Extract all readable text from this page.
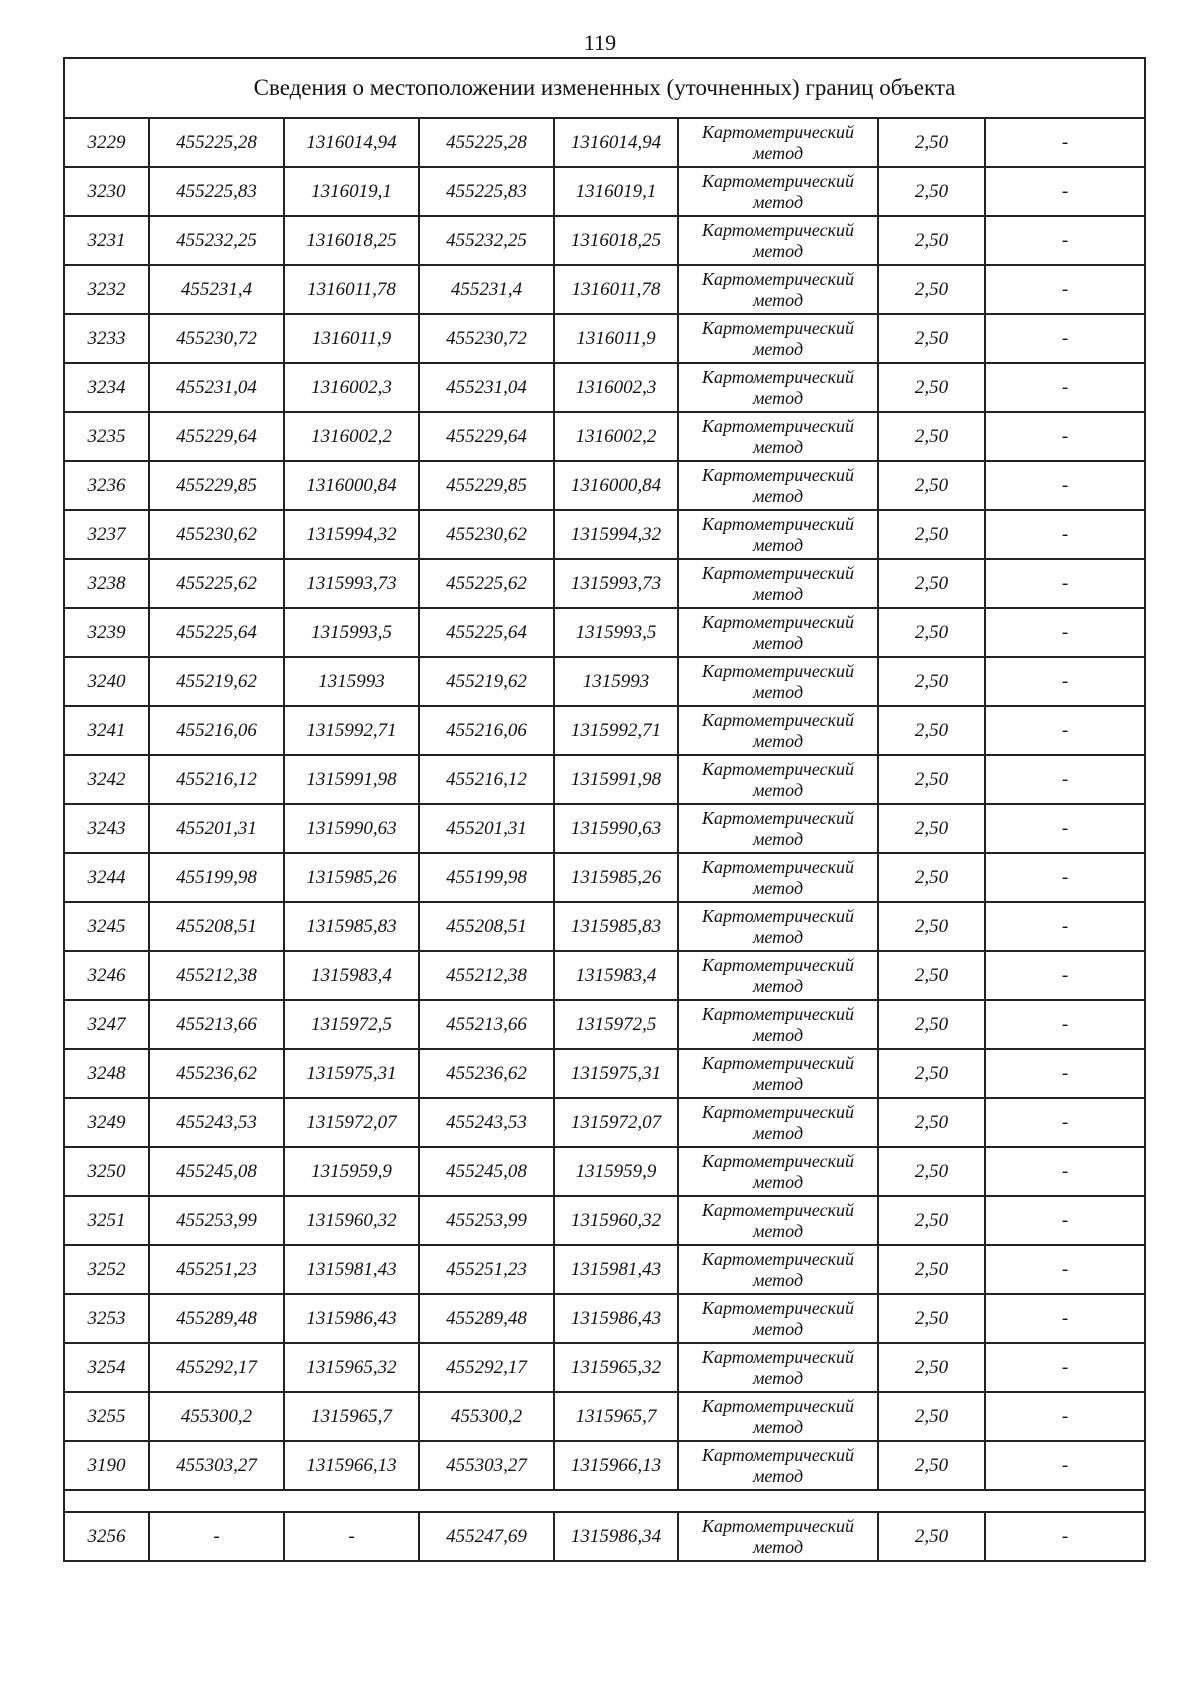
119
Сведения о местоположении измененных (уточненных) границ объекта							
3229	455225,28	1316014,94	455225,28	1316014,94	Картометрический метод	2,50	-
3230	455225,83	1316019,1	455225,83	1316019,1	Картометрический метод	2,50	-
3231	455232,25	1316018,25	455232,25	1316018,25	Картометрический метод	2,50	-
3232	455231,4	1316011,78	455231,4	1316011,78	Картометрический метод	2,50	-
3233	455230,72	1316011,9	455230,72	1316011,9	Картометрический метод	2,50	-
3234	455231,04	1316002,3	455231,04	1316002,3	Картометрический метод	2,50	-
3235	455229,64	1316002,2	455229,64	1316002,2	Картометрический метод	2,50	-
3236	455229,85	1316000,84	455229,85	1316000,84	Картометрический метод	2,50	-
3237	455230,62	1315994,32	455230,62	1315994,32	Картометрический метод	2,50	-
3238	455225,62	1315993,73	455225,62	1315993,73	Картометрический метод	2,50	-
3239	455225,64	1315993,5	455225,64	1315993,5	Картометрический метод	2,50	-
3240	455219,62	1315993	455219,62	1315993	Картометрический метод	2,50	-
3241	455216,06	1315992,71	455216,06	1315992,71	Картометрический метод	2,50	-
3242	455216,12	1315991,98	455216,12	1315991,98	Картометрический метод	2,50	-
3243	455201,31	1315990,63	455201,31	1315990,63	Картометрический метод	2,50	-
3244	455199,98	1315985,26	455199,98	1315985,26	Картометрический метод	2,50	-
3245	455208,51	1315985,83	455208,51	1315985,83	Картометрический метод	2,50	-
3246	455212,38	1315983,4	455212,38	1315983,4	Картометрический метод	2,50	-
3247	455213,66	1315972,5	455213,66	1315972,5	Картометрический метод	2,50	-
3248	455236,62	1315975,31	455236,62	1315975,31	Картометрический метод	2,50	-
3249	455243,53	1315972,07	455243,53	1315972,07	Картометрический метод	2,50	-
3250	455245,08	1315959,9	455245,08	1315959,9	Картометрический метод	2,50	-
3251	455253,99	1315960,32	455253,99	1315960,32	Картометрический метод	2,50	-
3252	455251,23	1315981,43	455251,23	1315981,43	Картометрический метод	2,50	-
3253	455289,48	1315986,43	455289,48	1315986,43	Картометрический метод	2,50	-
3254	455292,17	1315965,32	455292,17	1315965,32	Картометрический метод	2,50	-
3255	455300,2	1315965,7	455300,2	1315965,7	Картометрический метод	2,50	-
3190	455303,27	1315966,13	455303,27	1315966,13	Картометрический метод	2,50	-

3256	-	-	455247,69	1315986,34	Картометрический метод	2,50	-
